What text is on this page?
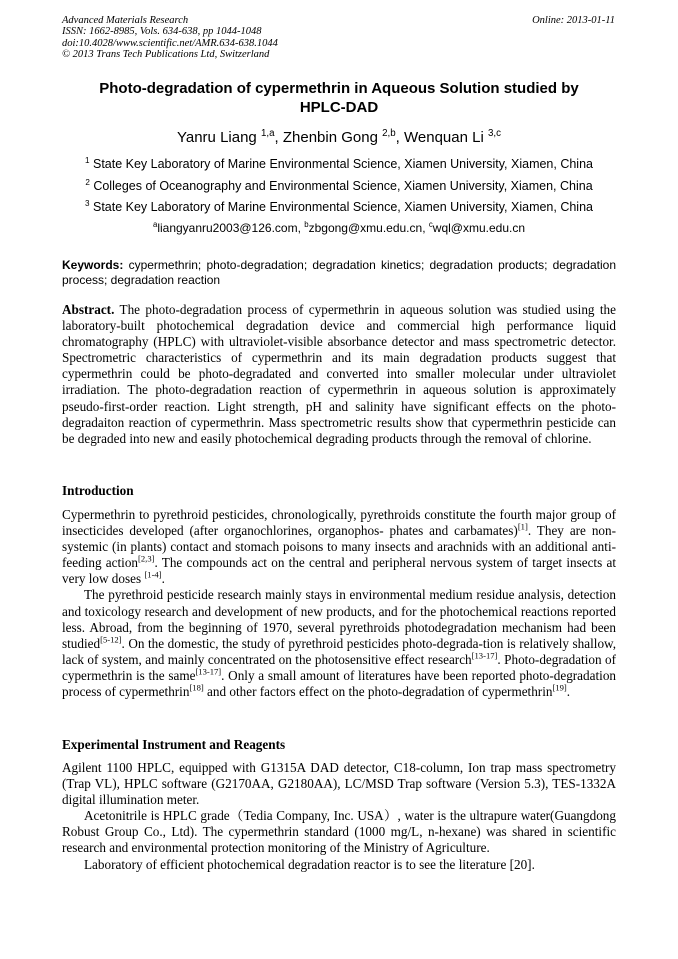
Advanced Materials Research
ISSN: 1662-8985, Vols. 634-638, pp 1044-1048
doi:10.4028/www.scientific.net/AMR.634-638.1044
© 2013 Trans Tech Publications Ltd, Switzerland
Online: 2013-01-11
Photo-degradation of cypermethrin in Aqueous Solution studied by
HPLC-DAD
Yanru Liang $^{1,a}$, Zhenbin Gong $^{2,b}$, Wenquan Li $^{3,c}$
$^1$ State Key Laboratory of Marine Environmental Science, Xiamen University, Xiamen, China
$^2$ Colleges of Oceanography and Environmental Science, Xiamen University, Xiamen, China
$^3$ State Key Laboratory of Marine Environmental Science, Xiamen University, Xiamen, China
$^a$liangyanru2003@126.com, $^b$zbgong@xmu.edu.cn, $^c$wql@xmu.edu.cn
Keywords: cypermethrin; photo-degradation; degradation kinetics; degradation products; degradation process; degradation reaction

Abstract. The photo-degradation process of cypermethrin in aqueous solution was studied using the laboratory-built photochemical degradation device and commercial high performance liquid chromatography (HPLC) with ultraviolet-visible absorbance detector and mass spectrometric detector. Spectrometric characteristics of cypermethrin and its main degradation products suggest that cypermethrin could be photo-degradated and converted into smaller molecular under ultraviolet irradiation. The photo-degradation reaction of cypermethrin in aqueous solution is approximately pseudo-first-order reaction. Light strength, pH and salinity have significant effects on the photo-degradaiton reaction of cypermethrin. Mass spectrometric results show that cypermethrin pesticide can be degraded into new and easily photochemical degrading products through the removal of chlorine.

Introduction

Cypermethrin to pyrethroid pesticides, chronologically, pyrethroids constitute the fourth major group of insecticides developed (after organochlorines, organophos- phates and carbamates)[1]. They are non-systemic (in plants) contact and stomach poisons to many insects and arachnids with an additional anti-feeding action[2,3]. The compounds act on the central and peripheral nervous system of target insects at very low doses [1-4].

The pyrethroid pesticide research mainly stays in environmental medium residue analysis, detection and toxicology research and development of new products, and for the photochemical reactions reported less. Abroad, from the beginning of 1970, several pyrethroids photodegradation mechanism had been studied[5-12]. On the domestic, the study of pyrethroid pesticides photo-degrada-tion is relatively shallow, lack of system, and mainly concentrated on the photosensitive effect research[13-17]. Photo-degradation of cypermethrin is the same[13-17]. Only a small amount of literatures have been reported photo-degradation process of cypermethrin[18] and other factors effect on the photo-degradation of cypermethrin[19].

Experimental Instrument and Reagents

Agilent 1100 HPLC, equipped with G1315A DAD detector, C18-column, Ion trap mass spectrometry (Trap VL), HPLC software (G2170AA, G2180AA), LC/MSD Trap software (Version 5.3), TES-1332A digital illumination meter.

Acetonitrile is HPLC grade（Tedia Company, Inc. USA）, water is the ultrapure water(Guangdong Robust Group Co., Ltd). The cypermethrin standard (1000 mg/L, n-hexane) was shared in scientific research and environmental protection monitoring of the Ministry of Agriculture.

Laboratory of efficient photochemical degradation reactor is to see the literature [20].
